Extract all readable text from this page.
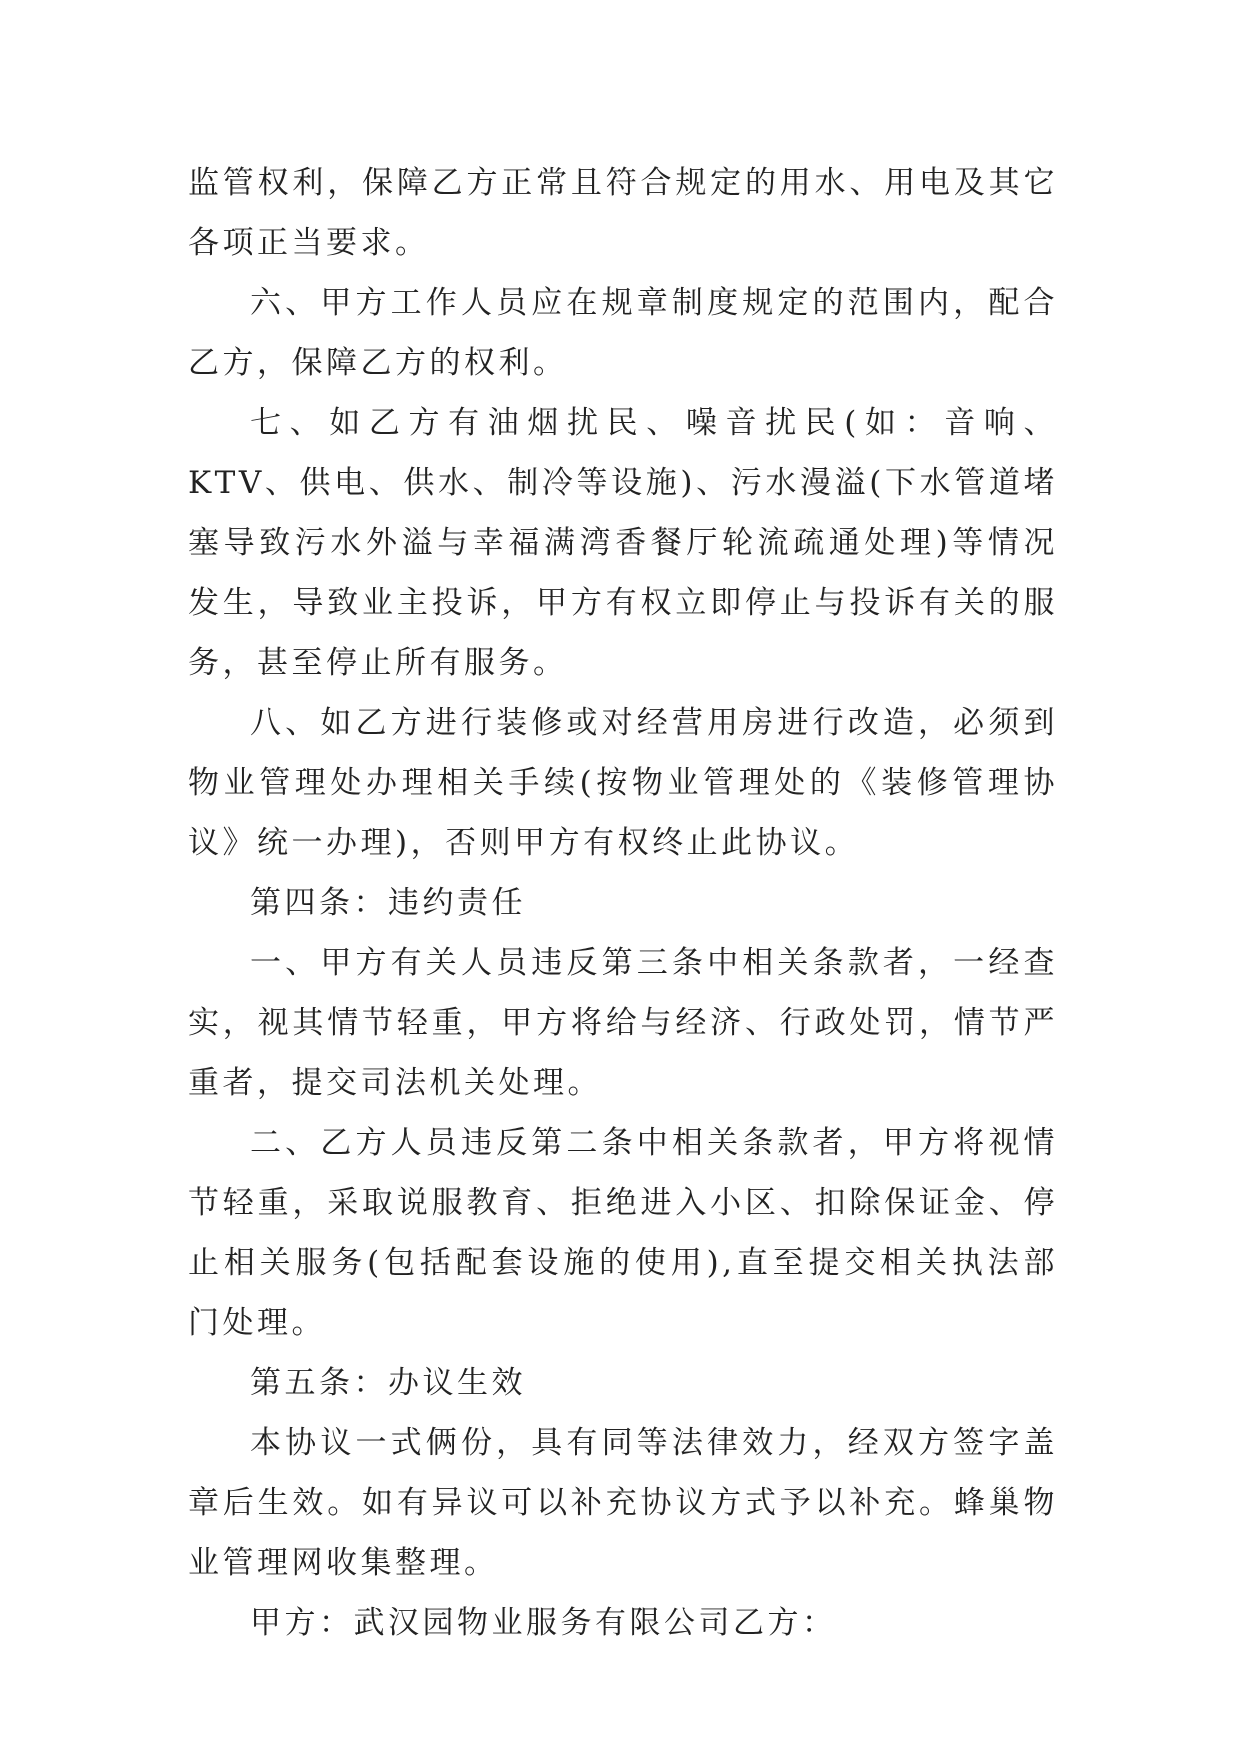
监管权利，保障乙方正常且符合规定的用水、用电及其它各项正当要求。

六、甲方工作人员应在规章制度规定的范围内，配合乙方，保障乙方的权利。

七、如乙方有油烟扰民、噪音扰民(如：音响、KTV、供电、供水、制冷等设施)、污水漫溢(下水管道堵塞导致污水外溢与幸福满湾香餐厅轮流疏通处理)等情况发生，导致业主投诉，甲方有权立即停止与投诉有关的服务，甚至停止所有服务。

八、如乙方进行装修或对经营用房进行改造，必须到物业管理处办理相关手续(按物业管理处的《装修管理协议》统一办理)，否则甲方有权终止此协议。

第四条：违约责任

一、甲方有关人员违反第三条中相关条款者，一经查实，视其情节轻重，甲方将给与经济、行政处罚，情节严重者，提交司法机关处理。

二、乙方人员违反第二条中相关条款者，甲方将视情节轻重，采取说服教育、拒绝进入小区、扣除保证金、停止相关服务(包括配套设施的使用),直至提交相关执法部门处理。

第五条：办议生效

本协议一式俩份，具有同等法律效力，经双方签字盖章后生效。如有异议可以补充协议方式予以补充。蜂巢物业管理网收集整理。

甲方：武汉园物业服务有限公司乙方：
